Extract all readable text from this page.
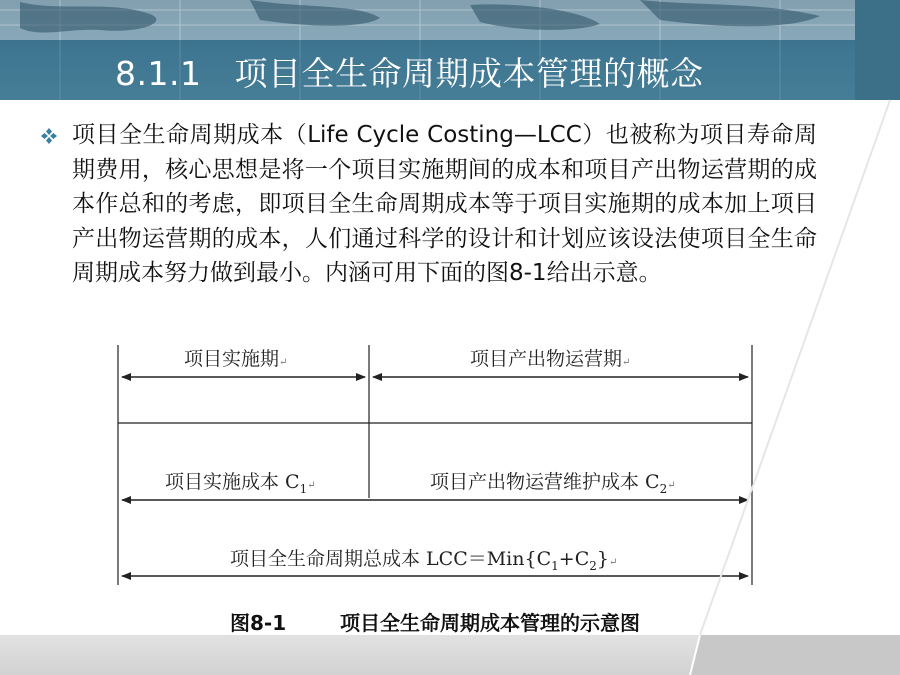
8.1.1 项目全生命周期成本管理的概念
项目全生命周期成本（Life Cycle Costing—LCC）也被称为项目寿命周期费用，核心思想是将一个项目实施期间的成本和项目产出物运营期的成本作总和的考虑，即项目全生命周期成本等于项目实施期的成本加上项目产出物运营期的成本，人们通过科学的设计和计划应该设法使项目全生命周期成本努力做到最小。内涵可用下面的图8-1给出示意。
项目实施期↵	项目产出物运营期↵
项目实施成本 $C_1↵$	项目产出物运营维护成本 $C_2↵$
项目全生命周期总成本 $LCC=Min\{C_1+C_2\}↵$
图8-1	项目全生命周期成本管理的示意图
